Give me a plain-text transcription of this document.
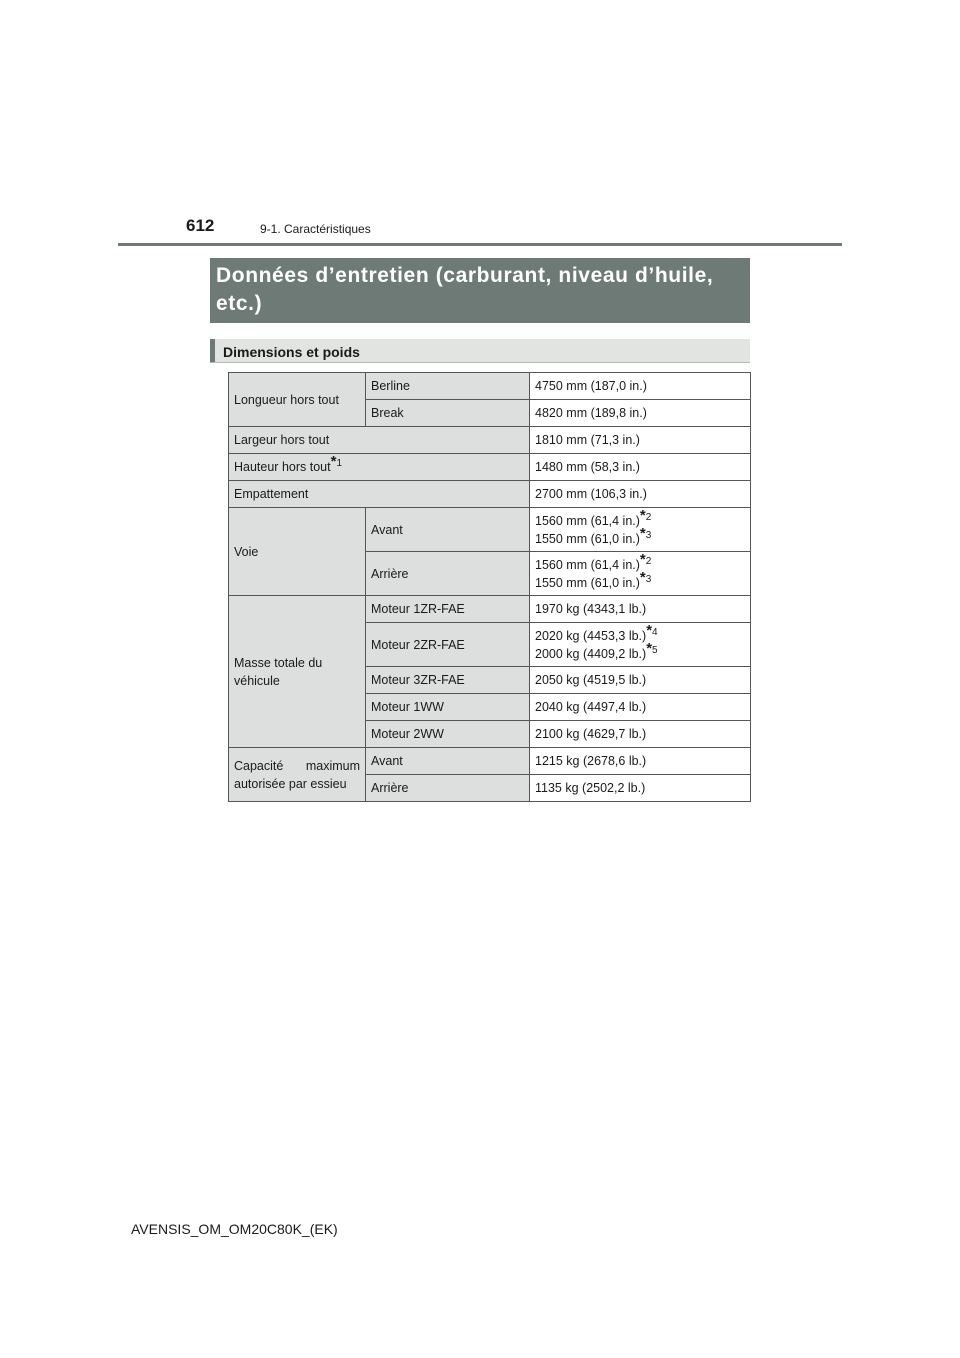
612	9-1. Caractéristiques
Données d’entretien (carburant, niveau d’huile,
etc.)
Dimensions et poids
Longueur hors tout	Berline	4750 mm (187,0 in.)
	Break	4820 mm (189,8 in.)
Largeur hors tout		1810 mm (71,3 in.)
Hauteur hors tout$^{*1}$		1480 mm (58,3 in.)
Empattement		2700 mm (106,3 in.)
Voie	Avant	1560 mm (61,4 in.)$^{*2}$
1550 mm (61,0 in.)$^{*3}$

	Arrière	1560 mm (61,4 in.)$^{*2}$
1550 mm (61,0 in.)$^{*3}$

Masse totale du
véhicule	Moteur 1ZR-FAE	1970 kg (4343,1 lb.)
	Moteur 2ZR-FAE	2020 kg (4453,3 lb.)$^{*4}$
2000 kg (4409,2 lb.)$^{*5}$

	Moteur 3ZR-FAE	2050 kg (4519,5 lb.)
	Moteur 1WW	2040 kg (4497,4 lb.)
	Moteur 2WW	2100 kg (4629,7 lb.)

Capacité maximum
autorisée par essieu	Avant	1215 kg (2678,6 lb.)
	Arrière	1135 kg (2502,2 lb.)
AVENSIS_OM_OM20C80K_(EK)
